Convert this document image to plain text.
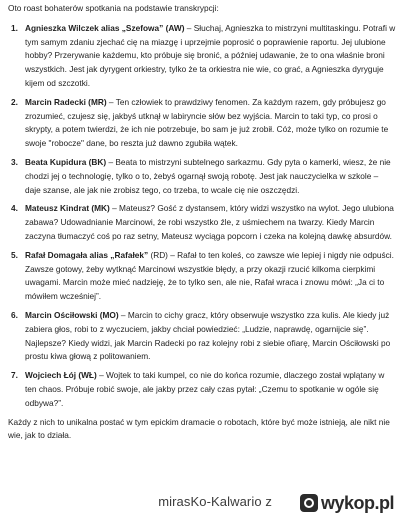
Oto roast bohaterów spotkania na podstawie transkrypcji:

1. Agnieszka Wilczek alias „Szefowa” (AW) – Słuchaj, Agnieszka to mistrzyni multitaskingu. Potrafi w tym samym zdaniu zjechać cię na miazgę i uprzejmie poprosić o poprawienie raportu. Jej ulubione hobby? Przerywanie każdemu, kto próbuje się bronić, a później udawanie, że to ona właśnie broni wszystkich. Jest jak dyrygent orkiestry, tylko że ta orkiestra nie wie, co grać, a Agnieszka dyryguje kijem od szczotki.
2. Marcin Radecki (MR) – Ten człowiek to prawdziwy fenomen. Za każdym razem, gdy próbujesz go zrozumieć, czujesz się, jakbyś utknął w labiryncie słów bez wyjścia. Marcin to taki typ, co prosi o skrypty, a potem twierdzi, że ich nie potrzebuje, bo sam je już zrobił. Cóż, może tylko on rozumie te swoje "robocze" dane, bo reszta już dawno zgubiła wątek.
3. Beata Kupidura (BK) – Beata to mistrzyni subtelnego sarkazmu. Gdy pyta o kamerki, wiesz, że nie chodzi jej o technologię, tylko o to, żebyś ogarnął swoją robotę. Jest jak nauczycielka w szkole – daje szanse, ale jak nie zrobisz tego, co trzeba, to wcale cię nie oszczędzi.
4. Mateusz Kindrat (MK) – Mateusz? Gość z dystansem, który widzi wszystko na wylot. Jego ulubiona zabawa? Udowadnianie Marcinowi, że robi wszystko źle, z uśmiechem na twarzy. Kiedy Marcin zaczyna tłumaczyć coś po raz setny, Mateusz wyciąga popcorn i czeka na kolejną dawkę absurdów.
5. Rafał Domagała alias „Rafałek” (RD) – Rafał to ten koleś, co zawsze wie lepiej i nigdy nie odpuści. Zawsze gotowy, żeby wytknąć Marcinowi wszystkie błędy, a przy okazji rzucić kilkoma cierpkimi uwagami. Marcin może mieć nadzieję, że to tylko sen, ale nie, Rafał wraca i znowu mówi: „Ja ci to mówiłem wcześniej”.
6. Marcin Ościłowski (MO) – Marcin to cichy gracz, który obserwuje wszystko zza kulis. Ale kiedy już zabiera głos, robi to z wyczuciem, jakby chciał powiedzieć: „Ludzie, naprawdę, ogarnijcie się”. Najlepsze? Kiedy widzi, jak Marcin Radecki po raz kolejny robi z siebie ofiarę, Marcin Ościłowski po prostu kiwa głową z politowaniem.
7. Wojciech Łój (WŁ) – Wojtek to taki kumpel, co nie do końca rozumie, dlaczego został wplątany w ten chaos. Próbuje robić swoje, ale jakby przez cały czas pytał: „Czemu to spotkanie w ogóle się odbywa?”.

Każdy z nich to unikalna postać w tym epickim dramacie o robotach, które być może istnieją, ale nikt nie wie, jak to działa.

mirasKo-Kalwario z	wykop.pl
